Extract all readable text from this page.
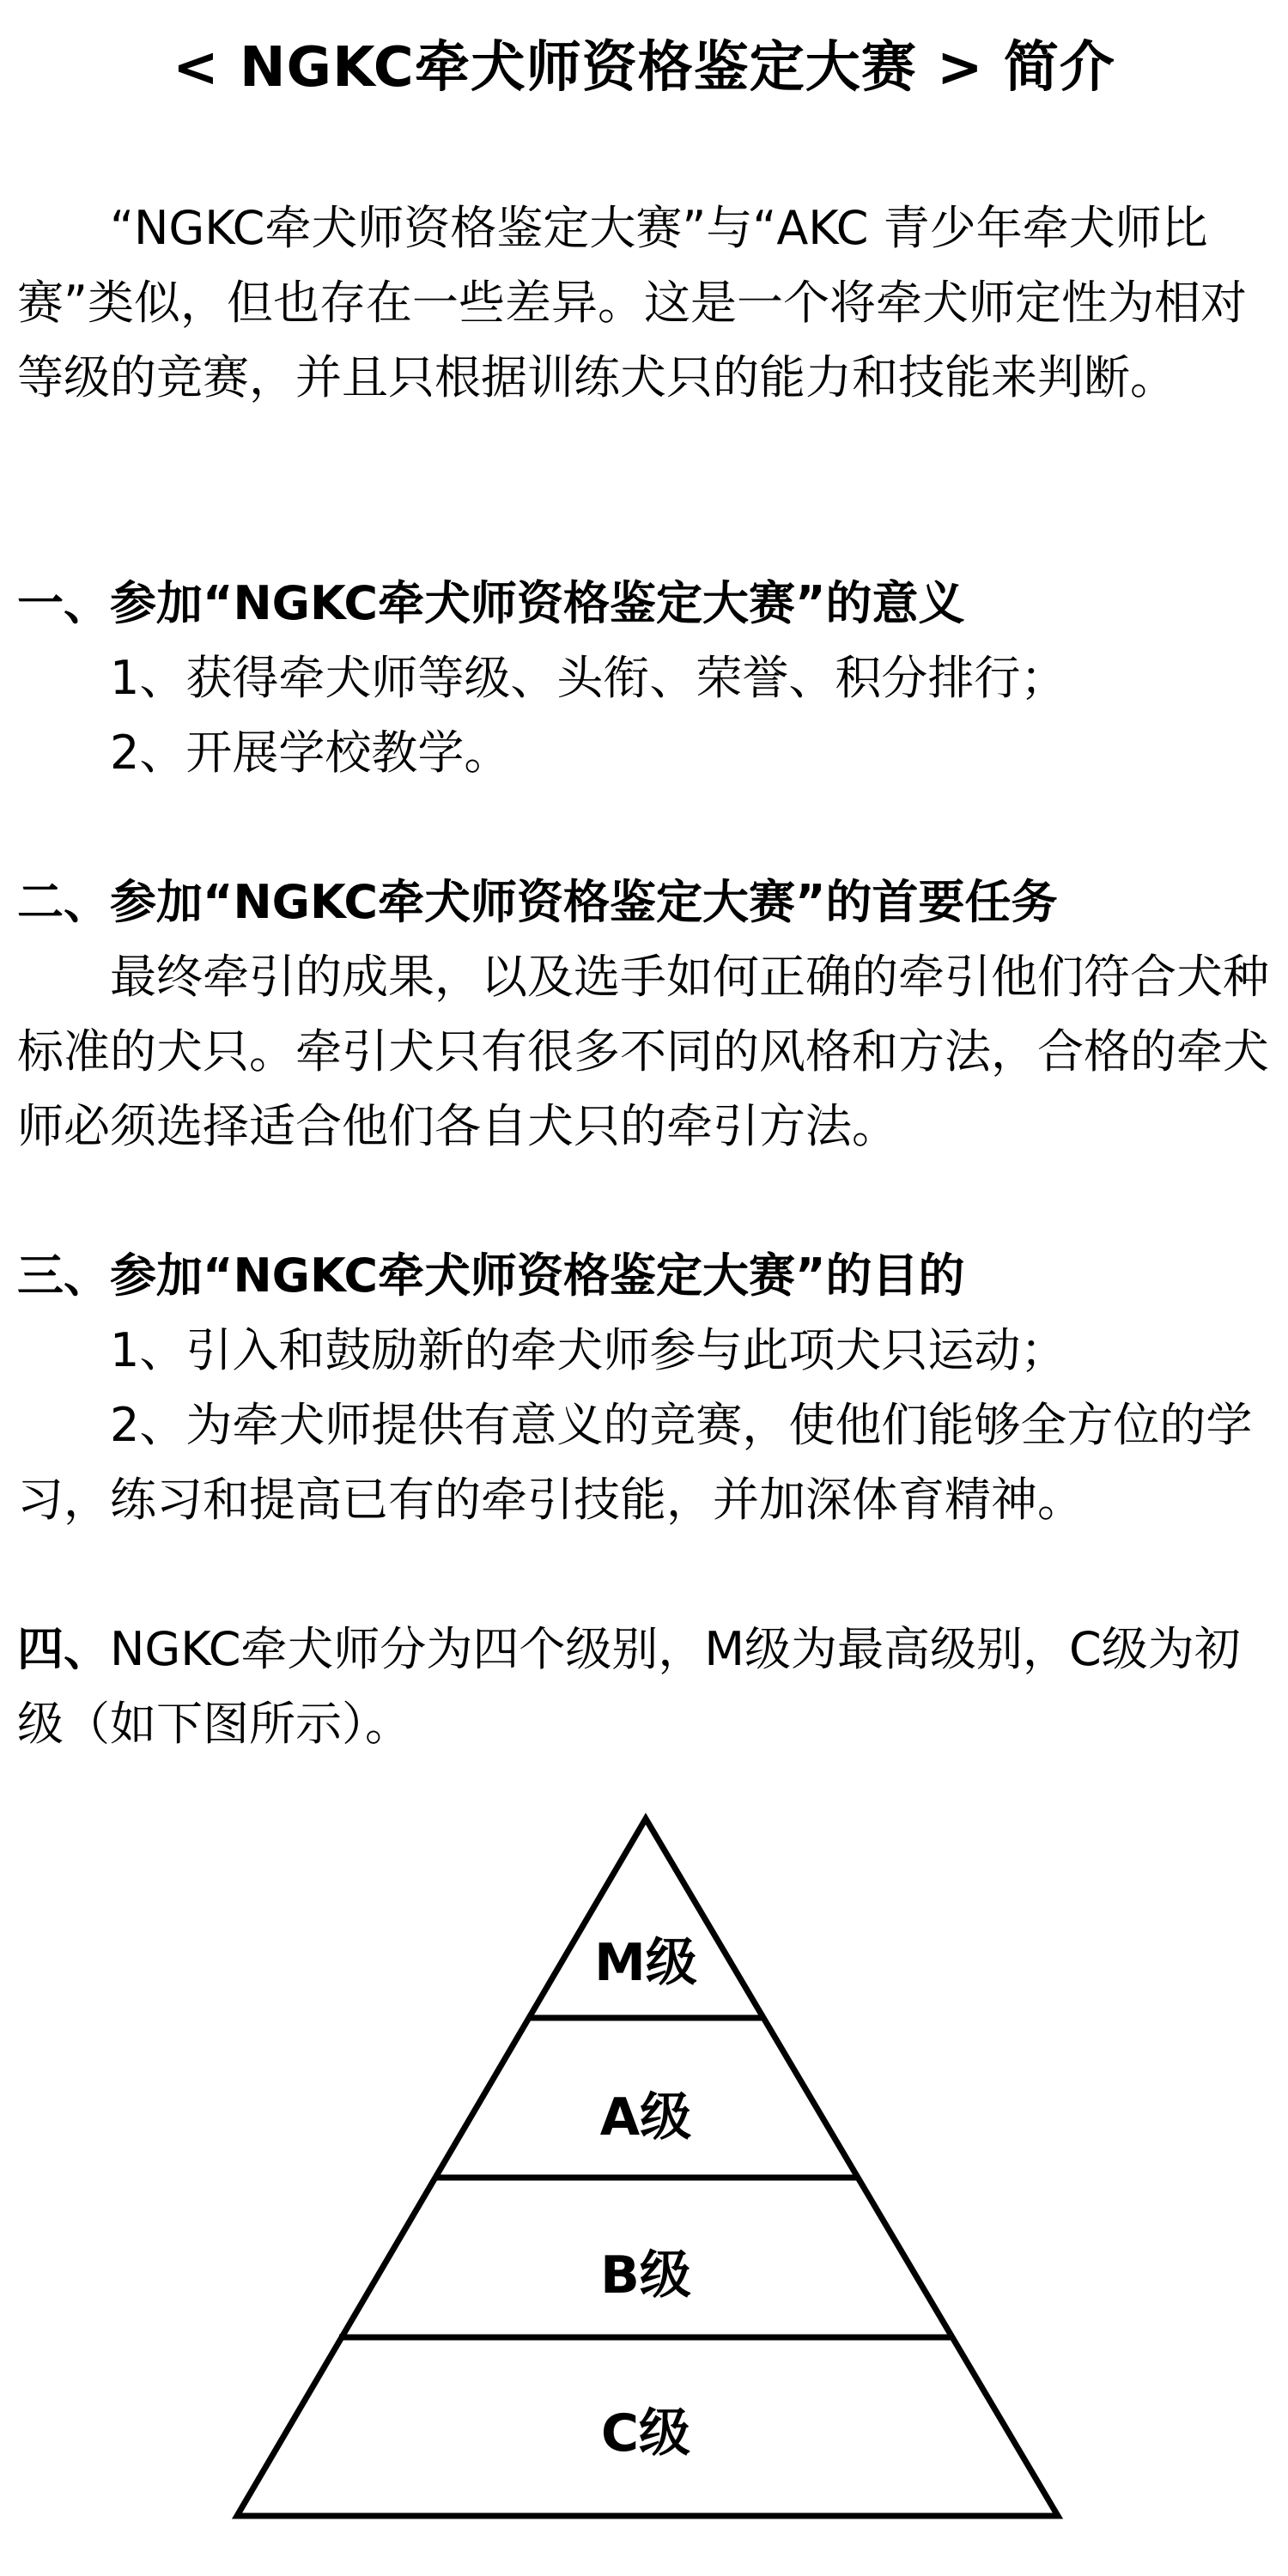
< NGKC牵犬师资格鉴定大赛 > 简介

“NGKC牵犬师资格鉴定大赛”与“AKC 青少年牵犬师比赛”类似，但也存在一些差异。这是一个将牵犬师定性为相对等级的竞赛，并且只根据训练犬只的能力和技能来判断。

一、参加“NGKC牵犬师资格鉴定大赛”的意义
1、获得牵犬师等级、头衔、荣誉、积分排行；
2、开展学校教学。
二、参加“NGKC牵犬师资格鉴定大赛”的首要任务

最终牵引的成果，以及选手如何正确的牵引他们符合犬种标准的犬只。牵引犬只有很多不同的风格和方法，合格的牵犬师必须选择适合他们各自犬只的牵引方法。

三、参加“NGKC牵犬师资格鉴定大赛”的目的
1、引入和鼓励新的牵犬师参与此项犬只运动；

2、为牵犬师提供有意义的竞赛，使他们能够全方位的学习，练习和提高已有的牵引技能，并加深体育精神。

四、NGKC牵犬师分为四个级别，M级为最高级别，C级为初级（如下图所示）。

M级
A级
B级
C级
